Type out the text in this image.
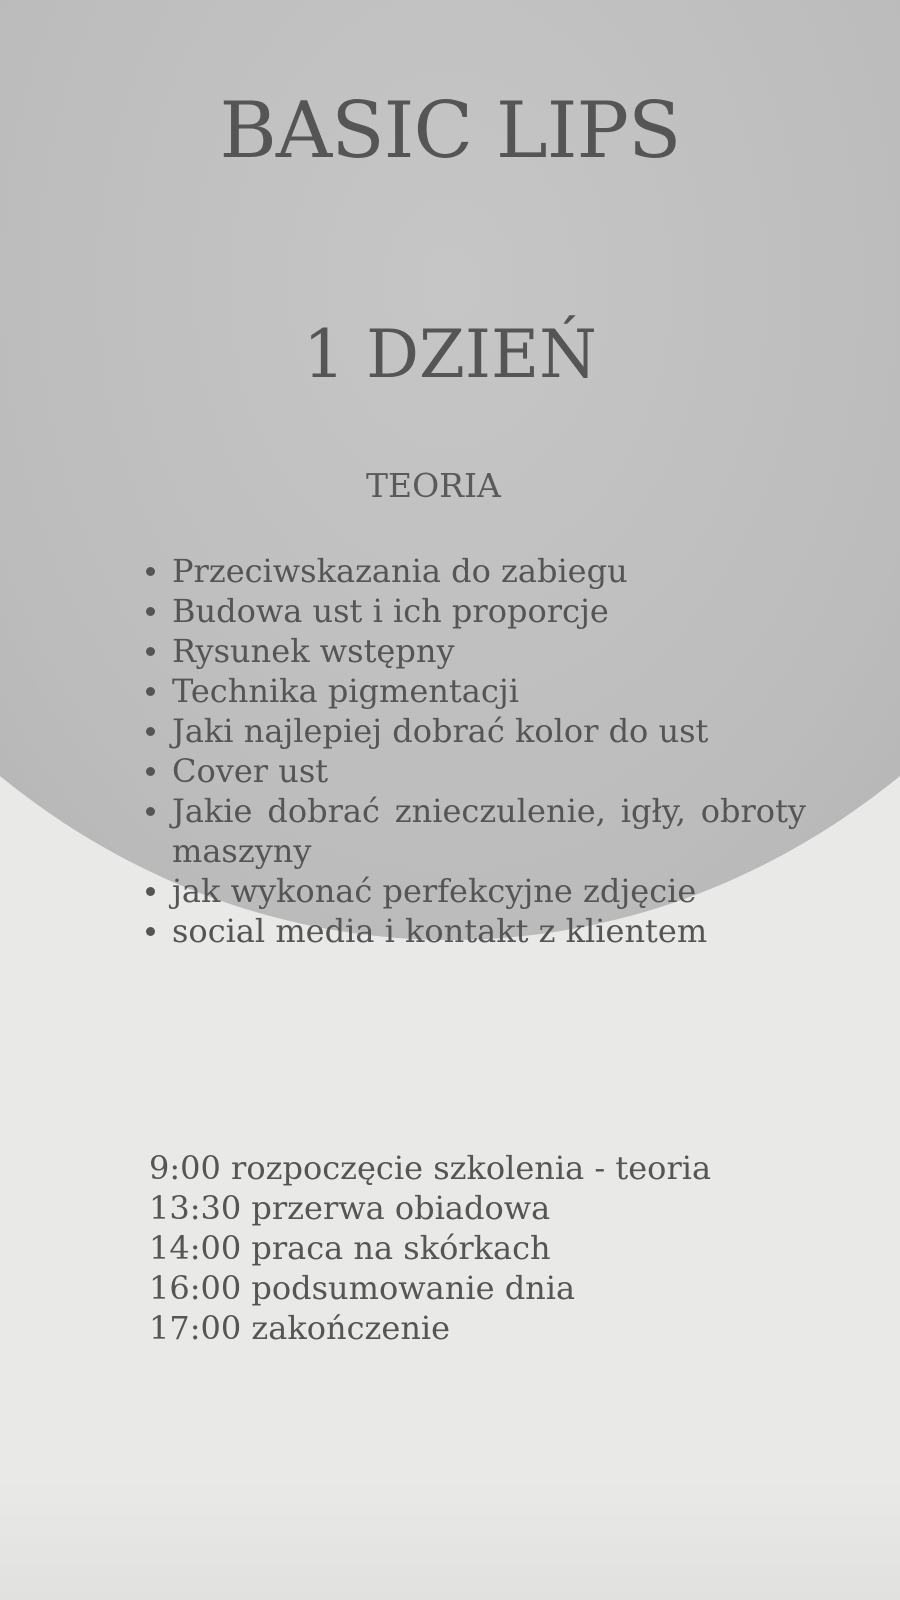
BASIC LIPS
1 DZIEŃ
TEORIA
Przeciwskazania do zabiegu
Budowa ust i ich proporcje
Rysunek wstępny
Technika pigmentacji
Jaki najlepiej dobrać kolor do ust
Cover ust
Jakie dobrać znieczulenie, igły, obroty maszyny
jak wykonać perfekcyjne zdjęcie
social media i kontakt z klientem
9:00 rozpoczęcie szkolenia - teoria
13:30 przerwa obiadowa
14:00 praca na skórkach
16:00 podsumowanie dnia
17:00 zakończenie
